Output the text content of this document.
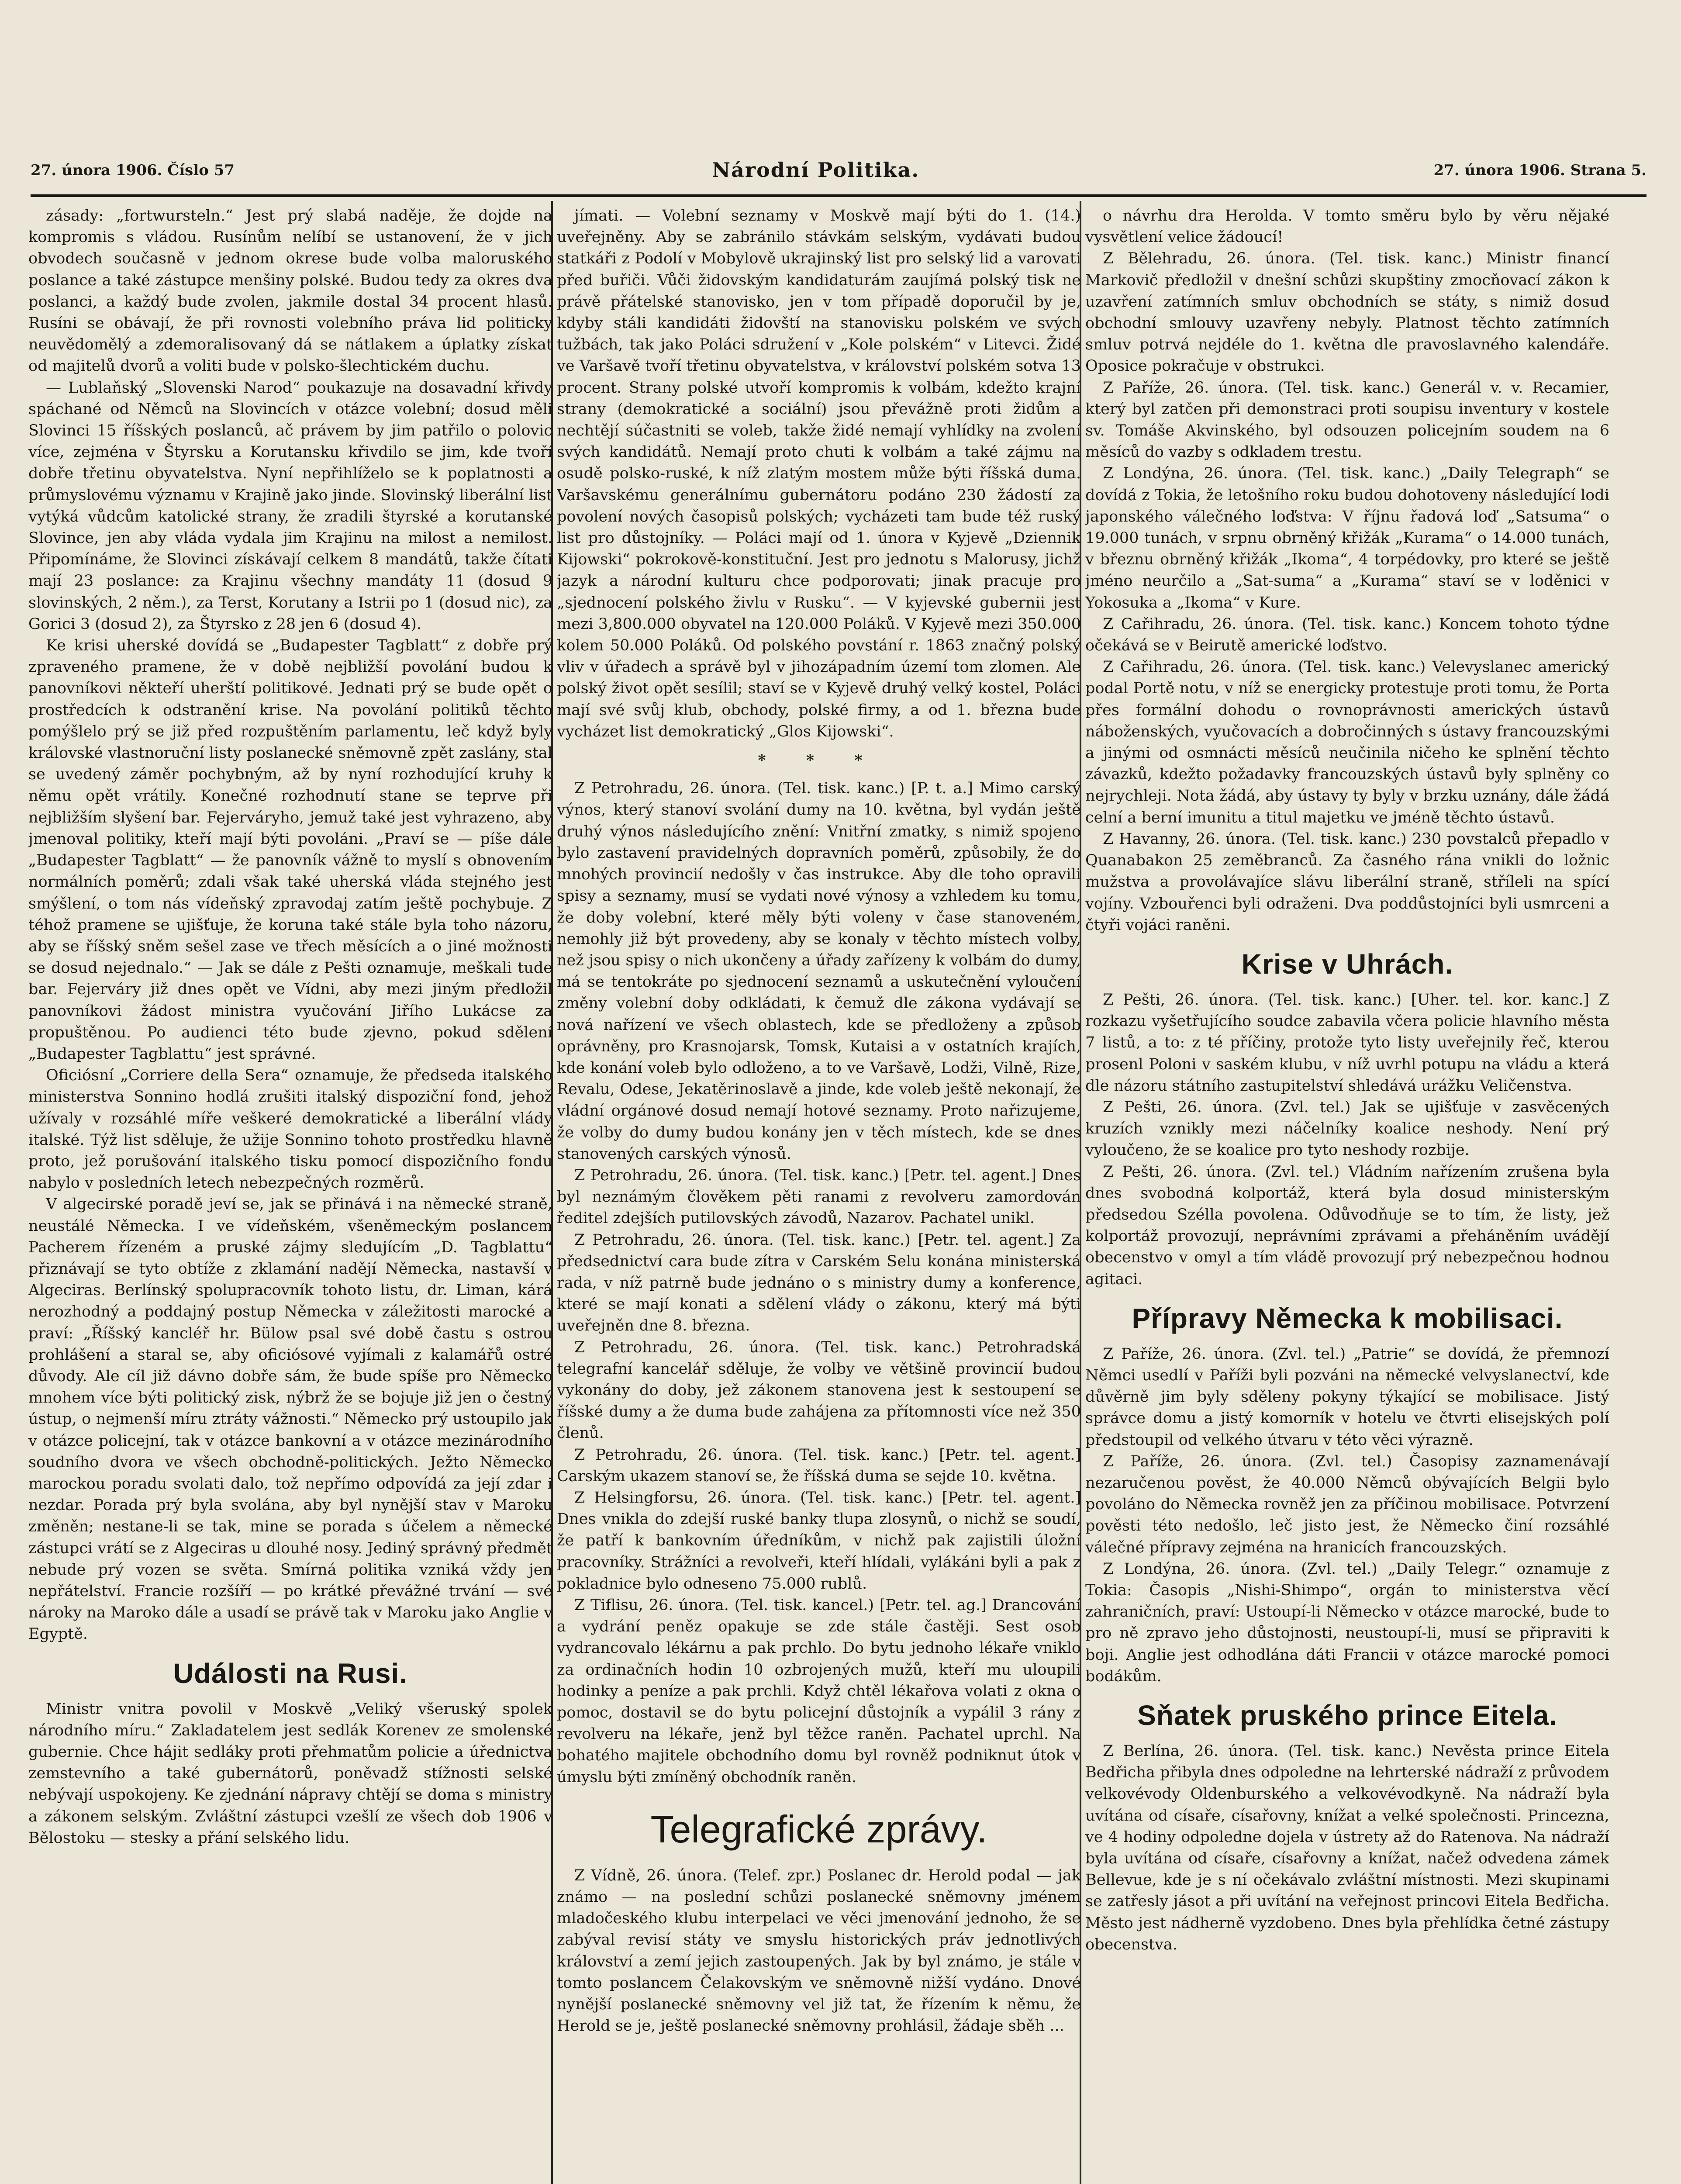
27. února 1906. Číslo 57	Národní Politika.	27. února 1906. Strana 5.

zásady: „fortwursteln.“ Jest prý slabá naděje, že dojde na kompromis s vládou. Rusínům nelíbí se ustanovení, že v jich obvodech současně v jednom okrese bude volba maloruského poslance a také zástupce menšiny polské. Budou tedy za okres dva poslanci, a každý bude zvolen, jakmile dostal 34 procent hlasů. Rusíni se obávají, že při rovnosti volebního práva lid politicky neuvědomělý a zdemoralisovaný dá se nátlakem a úplatky získat od majitelů dvorů a voliti bude v polsko-šlechtickém duchu.

— Lublaňský „Slovenski Narod“ poukazuje na dosavadní křivdy spáchané od Němců na Slovincích v otázce volební; dosud měli Slovinci 15 říšských poslanců, ač právem by jim patřilo o polovic více, zejména v Štyrsku a Korutansku křivdilo se jim, kde tvoří dobře třetinu obyvatelstva. Nyní nepřihlíželo se k poplatnosti a průmyslovému významu v Krajině jako jinde. Slovinský liberální list vytýká vůdcům katolické strany, že zradili štyrské a korutanské Slovince, jen aby vláda vydala jim Krajinu na milost a nemilost. Připomínáme, že Slovinci získávají celkem 8 mandátů, takže čítati mají 23 poslance: za Krajinu všechny mandáty 11 (dosud 9 slovinských, 2 něm.), za Terst, Korutany a Istrii po 1 (dosud nic), za Gorici 3 (dosud 2), za Štyrsko z 28 jen 6 (dosud 4).

Ke krisi uherské dovídá se „Budapester Tagblatt“ z dobře prý zpraveného pramene, že v době nejbližší povolání budou k panovníkovi někteří uherští politikové. Jednati prý se bude opět o prostředcích k odstranění krise. Na povolání politiků těchto pomýšlelo prý se již před rozpuštěním parlamentu, leč když byly královské vlastnoruční listy poslanecké sněmovně zpět zaslány, stal se uvedený záměr pochybným, až by nyní rozhodující kruhy k němu opět vrátily. Konečné rozhodnutí stane se teprve při nejbližším slyšení bar. Fejerváryho, jemuž také jest vyhrazeno, aby jmenoval politiky, kteří mají býti povoláni. „Praví se — píše dále „Budapester Tagblatt“ — že panovník vážně to myslí s obnovením normálních poměrů; zdali však také uherská vláda stejného jest smýšlení, o tom nás vídeňský zpravodaj zatím ještě pochybuje. Z téhož pramene se ujišťuje, že koruna také stále byla toho názoru, aby se říšský sněm sešel zase ve třech měsících a o jiné možnosti se dosud nejednalo.“ — Jak se dále z Pešti oznamuje, meškali tude bar. Fejerváry již dnes opět ve Vídni, aby mezi jiným předložil panovníkovi žádost ministra vyučování Jiřího Lukácse za propuštěnou. Po audienci této bude zjevno, pokud sdělení „Budapester Tagblattu“ jest správné.

Oficiósní „Corriere della Sera“ oznamuje, že předseda italského ministerstva Sonnino hodlá zrušiti italský dispoziční fond, jehož užívaly v rozsáhlé míře veškeré demokratické a liberální vlády italské. Týž list sděluje, že užije Sonnino tohoto prostředku hlavně proto, jež porušování italského tisku pomocí dispozičního fondu nabylo v posledních letech nebezpečných rozměrů.

V algecirské poradě jeví se, jak se přinává i na německé straně, neustálé Německa. I ve vídeňském, všeněmeckým poslancem Pacherem řízeném a pruské zájmy sledujícím „D. Tagblattu“ přiznávají se tyto obtíže z zklamání nadějí Německa, nastavší v Algeciras. Berlínský spolupracovník tohoto listu, dr. Liman, kárá nerozhodný a poddajný postup Německa v záležitosti marocké a praví: „Říšský kancléř hr. Bülow psal své době častu s ostrou prohlášení a staral se, aby oficiósové vyjímali z kalamářů ostré důvody. Ale cíl již dávno dobře sám, že bude spíše pro Německo mnohem více býti politický zisk, nýbrž že se bojuje již jen o čestný ústup, o nejmenší míru ztráty vážnosti.“ Německo prý ustoupilo jak v otázce policejní, tak v otázce bankovní a v otázce mezinárodního soudního dvora ve všech obchodně-politických. Ježto Německo marockou poradu svolati dalo, tož nepřímo odpovídá za její zdar i nezdar. Porada prý byla svolána, aby byl nynější stav v Maroku změněn; nestane-li se tak, mine se porada s účelem a německé zástupci vrátí se z Algeciras u dlouhé nosy. Jediný správný předmět nebude prý vozen se světa. Smírná politika vzniká vždy jen nepřátelství. Francie rozšíří — po krátké převážné trvání — své nároky na Maroko dále a usadí se právě tak v Maroku jako Anglie v Egyptě.

Události na Rusi.

Ministr vnitra povolil v Moskvě „Veliký všeruský spolek národního míru.“ Zakladatelem jest sedlák Korenev ze smolenské gubernie. Chce hájit sedláky proti přehmatům policie a úřednictva zemstevního a také gubernátorů, poněvadž stížnosti selské nebývají uspokojeny. Ke zjednání nápravy chtějí se doma s ministry a zákonem selským. Zvláštní zástupci vzešlí ze všech dob 1906 v Bělostoku — stesky a přání selského lidu.

jímati. — Volební seznamy v Moskvě mají býti do 1. (14.) uveřejněny. Aby se zabránilo stávkám selským, vydávati budou statkáři z Podolí v Mobylově ukrajinský list pro selský lid a varovati před buřiči. Vůči židovským kandidaturám zaujímá polský tisk ne právě přátelské stanovisko, jen v tom případě doporučil by je, kdyby stáli kandidáti židovští na stanovisku polském ve svých tužbách, tak jako Poláci sdružení v „Kole polském“ v Litevci. Židé ve Varšavě tvoří třetinu obyvatelstva, v království polském sotva 13 procent. Strany polské utvoří kompromis k volbám, kdežto krajní strany (demokratické a sociální) jsou převážně proti židům a nechtějí súčastniti se voleb, takže židé nemají vyhlídky na zvolení svých kandidátů. Nemají proto chuti k volbám a také zájmu na osudě polsko-ruské, k níž zlatým mostem může býti říšská duma. Varšavskému generálnímu gubernátoru podáno 230 žádostí za povolení nových časopisů polských; vycházeti tam bude též ruský list pro důstojníky. — Poláci mají od 1. února v Kyjevě „Dziennik Kijowski“ pokrokově-konstituční. Jest pro jednotu s Malorusy, jichž jazyk a národní kulturu chce podporovati; jinak pracuje pro „sjednocení polského živlu v Rusku“. — V kyjevské gubernii jest mezi 3,800.000 obyvatel na 120.000 Poláků. V Kyjevě mezi 350.000 kolem 50.000 Poláků. Od polského povstání r. 1863 značný polský vliv v úřadech a správě byl v jihozápadním území tom zlomen. Ale polský život opět sesílil; staví se v Kyjevě druhý velký kostel, Poláci mají své svůj klub, obchody, polské firmy, a od 1. března bude vycházet list demokratický „Glos Kijowski“.

* * *

Z Petrohradu, 26. února. (Tel. tisk. kanc.) [P. t. a.] Mimo carský výnos, který stanoví svolání dumy na 10. května, byl vydán ještě druhý výnos následujícího znění: Vnitřní zmatky, s nimiž spojeno bylo zastavení pravidelných dopravních poměrů, způsobily, že do mnohých provincií nedošly v čas instrukce. Aby dle toho opravili spisy a seznamy, musí se vydati nové výnosy a vzhledem ku tomu, že doby volební, které měly býti voleny v čase stanoveném, nemohly již být provedeny, aby se konaly v těchto místech volby, než jsou spisy o nich ukončeny a úřady zařízeny k volbám do dumy, má se tentokráte po sjednocení seznamů a uskutečnění vyloučení změny volební doby odkládati, k čemuž dle zákona vydávají se nová nařízení ve všech oblastech, kde se předloženy a způsob oprávněny, pro Krasnojarsk, Tomsk, Kutaisi a v ostatních krajích, kde konání voleb bylo odloženo, a to ve Varšavě, Lodži, Vilně, Rize, Revalu, Odese, Jekatěrinoslavě a jinde, kde voleb ještě nekonají, že vládní orgánové dosud nemají hotové seznamy. Proto nařizujeme, že volby do dumy budou konány jen v těch místech, kde se dnes stanovených carských výnosů.

Z Petrohradu, 26. února. (Tel. tisk. kanc.) [Petr. tel. agent.] Dnes byl neznámým člověkem pěti ranami z revolveru zamordován ředitel zdejších putilovských závodů, Nazarov. Pachatel unikl.

Z Petrohradu, 26. února. (Tel. tisk. kanc.) [Petr. tel. agent.] Za předsednictví cara bude zítra v Carském Selu konána ministerská rada, v níž patrně bude jednáno o s ministry dumy a konference, které se mají konati a sdělení vlády o zákonu, který má býti uveřejněn dne 8. března.

Z Petrohradu, 26. února. (Tel. tisk. kanc.) Petrohradská telegrafní kancelář sděluje, že volby ve většině provincií budou vykonány do doby, jež zákonem stanovena jest k sestoupení se říšské dumy a že duma bude zahájena za přítomnosti více než 350 členů.

Z Petrohradu, 26. února. (Tel. tisk. kanc.) [Petr. tel. agent.] Carským ukazem stanoví se, že říšská duma se sejde 10. května.

Z Helsingforsu, 26. února. (Tel. tisk. kanc.) [Petr. tel. agent.] Dnes vnikla do zdejší ruské banky tlupa zlosynů, o nichž se soudí, že patří k bankovním úředníkům, v nichž pak zajistili úložní pracovníky. Strážníci a revolveři, kteří hlídali, vylákáni byli a pak z pokladnice bylo odneseno 75.000 rublů.

Z Tiflisu, 26. února. (Tel. tisk. kancel.) [Petr. tel. ag.] Drancování a vydrání peněz opakuje se zde stále častěji. Sest osob vydrancovalo lékárnu a pak prchlo. Do bytu jednoho lékaře vniklo za ordinačních hodin 10 ozbrojených mužů, kteří mu uloupili hodinky a peníze a pak prchli. Když chtěl lékařova volati z okna o pomoc, dostavil se do bytu policejní důstojník a vypálil 3 rány z revolveru na lékaře, jenž byl těžce raněn. Pachatel uprchl. Na bohatého majitele obchodního domu byl rovněž podniknut útok v úmyslu býti zmíněný obchodník raněn.

Telegrafické zprávy.

Z Vídně, 26. února. (Telef. zpr.) Poslanec dr. Herold podal — jak známo — na poslední schůzi poslanecké sněmovny jménem mladočeského klubu interpelaci ve věci jmenování jednoho, že se zabýval revisí státy ve smyslu historických práv jednotlivých království a zemí jejich zastoupených. Jak by byl známo, je stále v tomto poslancem Čelakovským ve sněmovně nižší vydáno. Dnové nynější poslanecké sněmovny vel již tat, že řízením k němu, že Herold se je, ještě poslanecké sněmovny prohlásil, žádaje sběh ...

o návrhu dra Herolda. V tomto směru bylo by věru nějaké vysvětlení velice žádoucí!

Z Bělehradu, 26. února. (Tel. tisk. kanc.) Ministr financí Markovič předložil v dnešní schůzi skupštiny zmocňovací zákon k uzavření zatímních smluv obchodních se státy, s nimiž dosud obchodní smlouvy uzavřeny nebyly. Platnost těchto zatímních smluv potrvá nejdéle do 1. května dle pravoslavného kalendáře. Oposice pokračuje v obstrukci.

Z Paříže, 26. února. (Tel. tisk. kanc.) Generál v. v. Recamier, který byl zatčen při demonstraci proti soupisu inventury v kostele sv. Tomáše Akvinského, byl odsouzen policejním soudem na 6 měsíců do vazby s odkladem trestu.

Z Londýna, 26. února. (Tel. tisk. kanc.) „Daily Telegraph“ se dovídá z Tokia, že letošního roku budou dohotoveny následující lodi japonského válečného loďstva: V říjnu řadová loď „Satsuma“ o 19.000 tunách, v srpnu obrněný křižák „Kurama“ o 14.000 tunách, v březnu obrněný křižák „Ikoma“, 4 torpédovky, pro které se ještě jméno neurčilo a „Sat-suma“ a „Kurama“ staví se v loděnici v Yokosuka a „Ikoma“ v Kure.

Z Cařihradu, 26. února. (Tel. tisk. kanc.) Koncem tohoto týdne očekává se v Beirutě americké loďstvo.

Z Cařihradu, 26. února. (Tel. tisk. kanc.) Velevyslanec americký podal Portě notu, v níž se energicky protestuje proti tomu, že Porta přes formální dohodu o rovnoprávnosti amerických ústavů náboženských, vyučovacích a dobročinných s ústavy francouzskými a jinými od osmnácti měsíců neučinila ničeho ke splnění těchto závazků, kdežto požadavky francouzských ústavů byly splněny co nejrychleji. Nota žádá, aby ústavy ty byly v brzku uznány, dále žádá celní a berní imunitu a titul majetku ve jméně těchto ústavů.

Z Havanny, 26. února. (Tel. tisk. kanc.) 230 povstalců přepadlo v Quanabakon 25 zeměbranců. Za časného rána vnikli do ložnic mužstva a provolávajíce slávu liberální straně, stříleli na spící vojíny. Vzbouřenci byli odraženi. Dva poddůstojníci byli usmrceni a čtyři vojáci raněni.

Krise v Uhrách.

Z Pešti, 26. února. (Tel. tisk. kanc.) [Uher. tel. kor. kanc.] Z rozkazu vyšetřujícího soudce zabavila včera policie hlavního města 7 listů, a to: z té příčiny, protože tyto listy uveřejnily řeč, kterou prosenl Poloni v saském klubu, v níž uvrhl potupu na vládu a která dle názoru státního zastupitelství shledává urážku Veličenstva.

Z Pešti, 26. února. (Zvl. tel.) Jak se ujišťuje v zasvěcených kruzích vznikly mezi náčelníky koalice neshody. Není prý vyloučeno, že se koalice pro tyto neshody rozbije.

Z Pešti, 26. února. (Zvl. tel.) Vládním nařízením zrušena byla dnes svobodná kolportáž, která byla dosud ministerským předsedou Szélla povolena. Odůvodňuje se to tím, že listy, jež kolportáž provozují, neprávními zprávami a přeháněním uvádějí obecenstvo v omyl a tím vládě provozují prý nebezpečnou hodnou agitaci.

Přípravy Německa k mobilisaci.

Z Paříže, 26. února. (Zvl. tel.) „Patrie“ se dovídá, že přemnozí Němci usedlí v Paříži byli pozváni na německé velvyslanectví, kde důvěrně jim byly sděleny pokyny týkající se mobilisace. Jistý správce domu a jistý komorník v hotelu ve čtvrti elisejských polí předstoupil od velkého útvaru v této věci výrazně.

Z Paříže, 26. února. (Zvl. tel.) Časopisy zaznamenávají nezaručenou pověst, že 40.000 Němců obývajících Belgii bylo povoláno do Německa rovněž jen za příčinou mobilisace. Potvrzení pověsti této nedošlo, leč jisto jest, že Německo činí rozsáhlé válečné přípravy zejména na hranicích francouzských.

Z Londýna, 26. února. (Zvl. tel.) „Daily Telegr.“ oznamuje z Tokia: Časopis „Nishi-Shimpo“, orgán to ministerstva věcí zahraničních, praví: Ustoupí-li Německo v otázce marocké, bude to pro ně zpravo jeho důstojnosti, neustoupí-li, musí se připraviti k boji. Anglie jest odhodlána dáti Francii v otázce marocké pomoci bodákům.

Sňatek pruského prince Eitela.

Z Berlína, 26. února. (Tel. tisk. kanc.) Nevěsta prince Eitela Bedřicha přibyla dnes odpoledne na lehrterské nádraží z průvodem velkovévody Oldenburského a velkovévodkyně. Na nádraží byla uvítána od císaře, císařovny, knížat a velké společnosti. Princezna, ve 4 hodiny odpoledne dojela v ústrety až do Ratenova. Na nádraží byla uvítána od císaře, císařovny a knížat, načež odvedena zámek Bellevue, kde je s ní očekávalo zvláštní místnosti. Mezi skupinami se zatřesly jásot a při uvítání na veřejnost princovi Eitela Bedřicha. Město jest nádherně vyzdobeno. Dnes byla přehlídka četné zástupy obecenstva.
